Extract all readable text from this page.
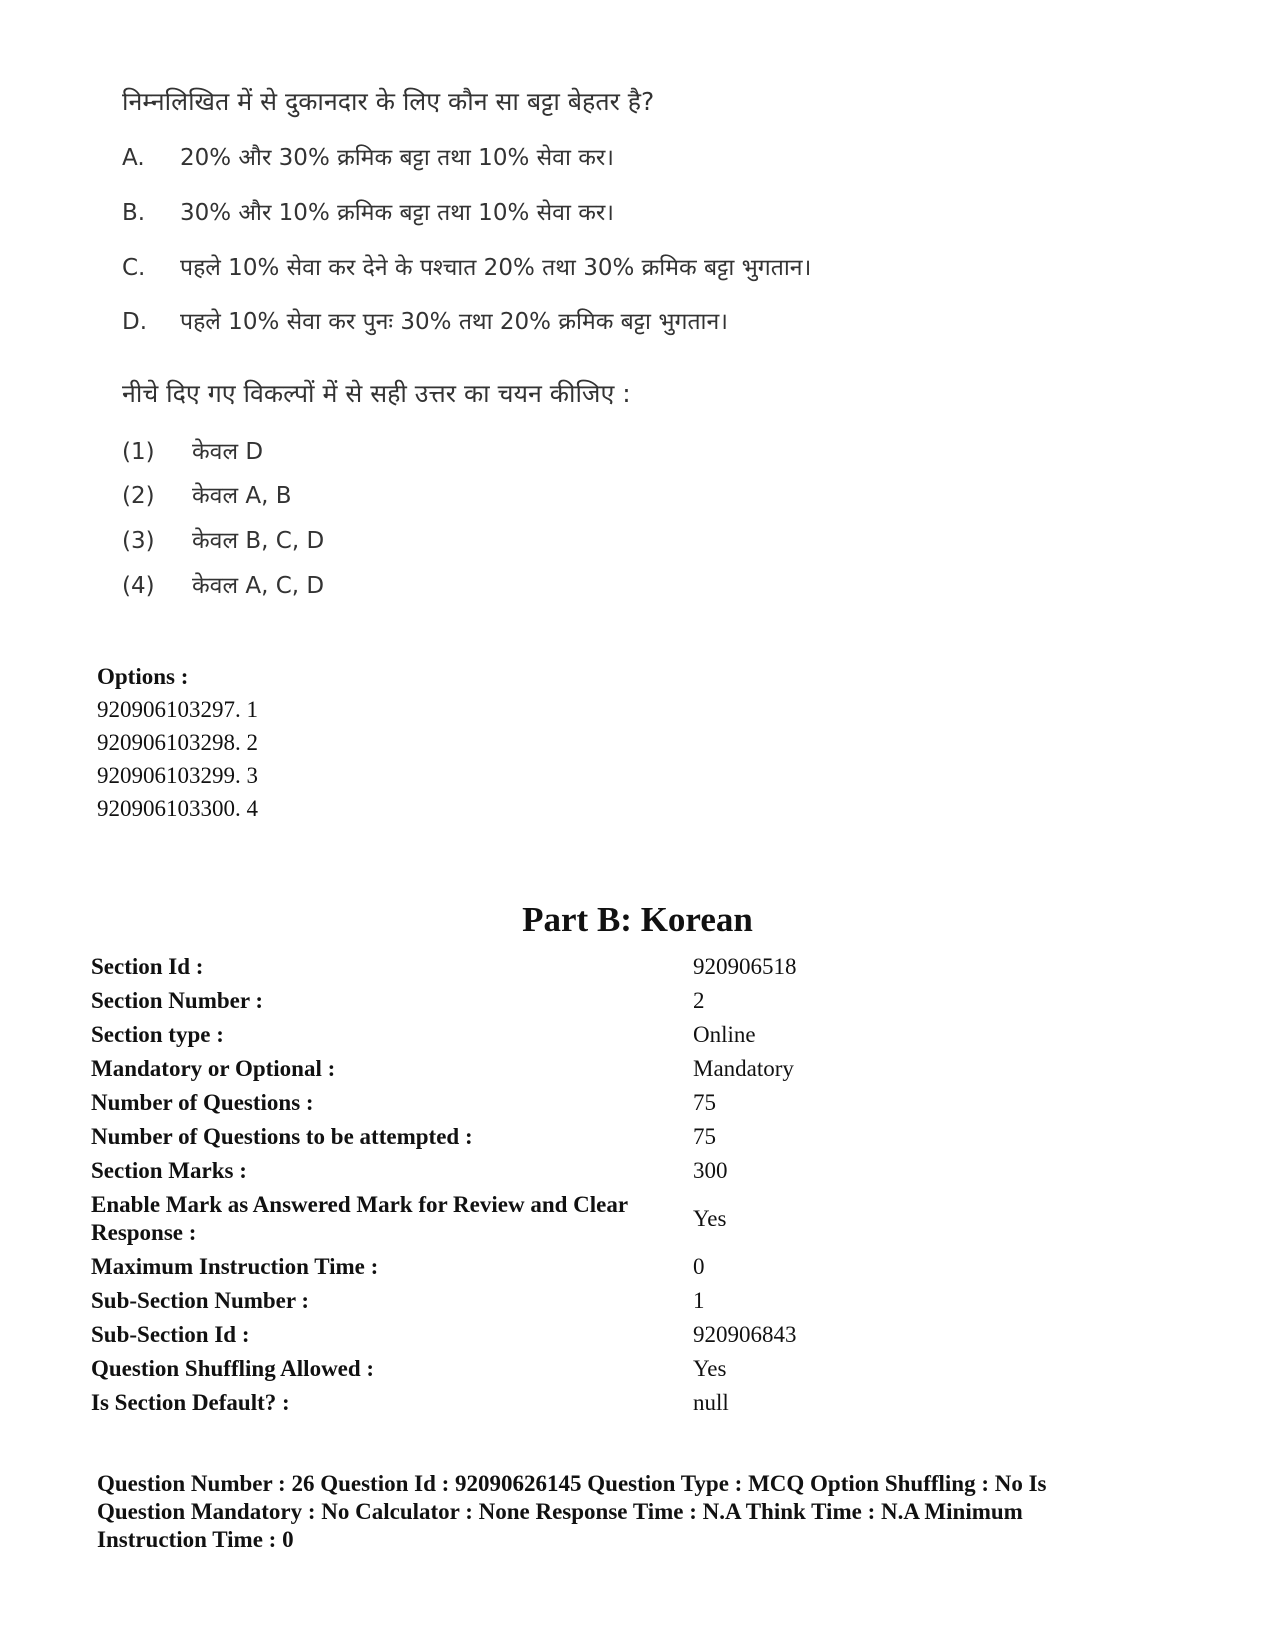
निम्नलिखित में से दुकानदार के लिए कौन सा बट्टा बेहतर है?

A. 20% और 30% क्रमिक बट्टा तथा 10% सेवा कर।
B. 30% और 10% क्रमिक बट्टा तथा 10% सेवा कर।
C. पहले 10% सेवा कर देने के पश्चात 20% तथा 30% क्रमिक बट्टा भुगतान।
D. पहले 10% सेवा कर पुनः 30% तथा 20% क्रमिक बट्टा भुगतान।

नीचे दिए गए विकल्पों में से सही उत्तर का चयन कीजिए :

(1) केवल D
(2) केवल A, B
(3) केवल B, C, D
(4) केवल A, C, D
Options :
920906103297. 1
920906103298. 2
920906103299. 3
920906103300. 4
Part B: Korean
Section Id :	920906518
Section Number :	2
Section type :	Online
Mandatory or Optional :	Mandatory
Number of Questions :	75
Number of Questions to be attempted :	75
Section Marks :	300
Enable Mark as Answered Mark for Review and Clear Response :	Yes
Maximum Instruction Time :	0
Sub-Section Number :	1
Sub-Section Id :	920906843
Question Shuffling Allowed :	Yes
Is Section Default? :	null
Question Number : 26 Question Id : 92090626145 Question Type : MCQ Option Shuffling : No Is Question Mandatory : No Calculator : None Response Time : N.A Think Time : N.A Minimum Instruction Time : 0
